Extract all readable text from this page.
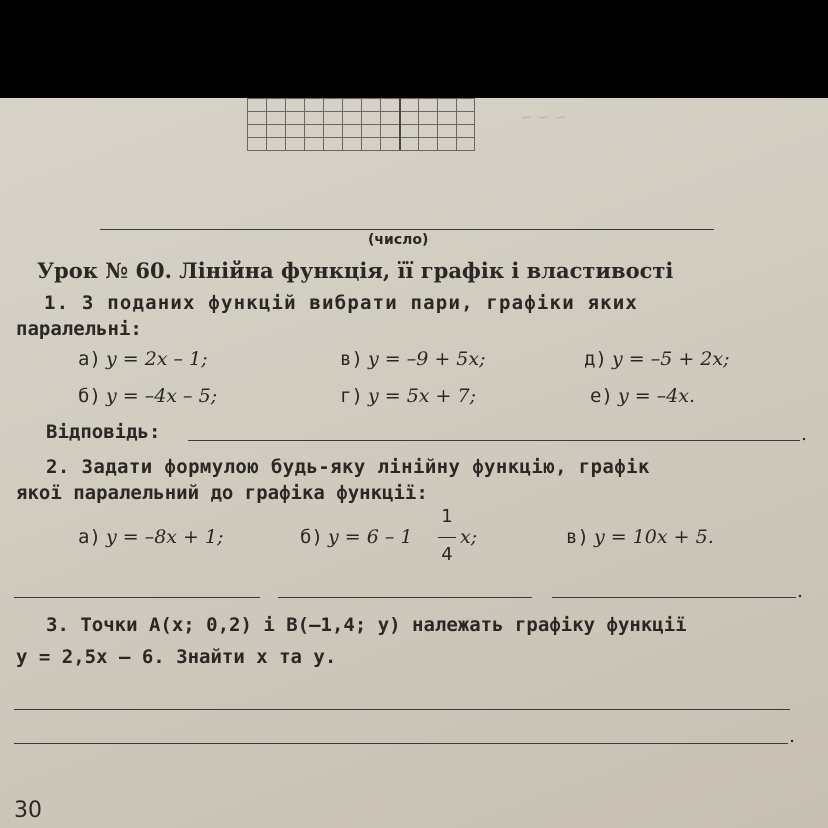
~ ~ ~
(число)
Урок № 60. Лінійна функція, її графік і властивості
1. З поданих функцій вибрати пари, графіки яких
паралельні:
а) y = 2x – 1;	в) y = –9 + 5x;	д) y = –5 + 2x;
б) y = –4x – 5;	г) y = 5x + 7;	е) y = –4x.
Відповідь:	.
2. Задати формулою будь-яку лінійну функцію, графік
якої паралельний до графіка функції:
а) y = –8x + 1;	б) y = 6 – 1
1
4
x;	в) y = 10x + 5.
.
3. Точки A(x; 0,2) і B(–1,4; y) належать графіку функції
y = 2,5x – 6. Знайти x та y.
.
30
